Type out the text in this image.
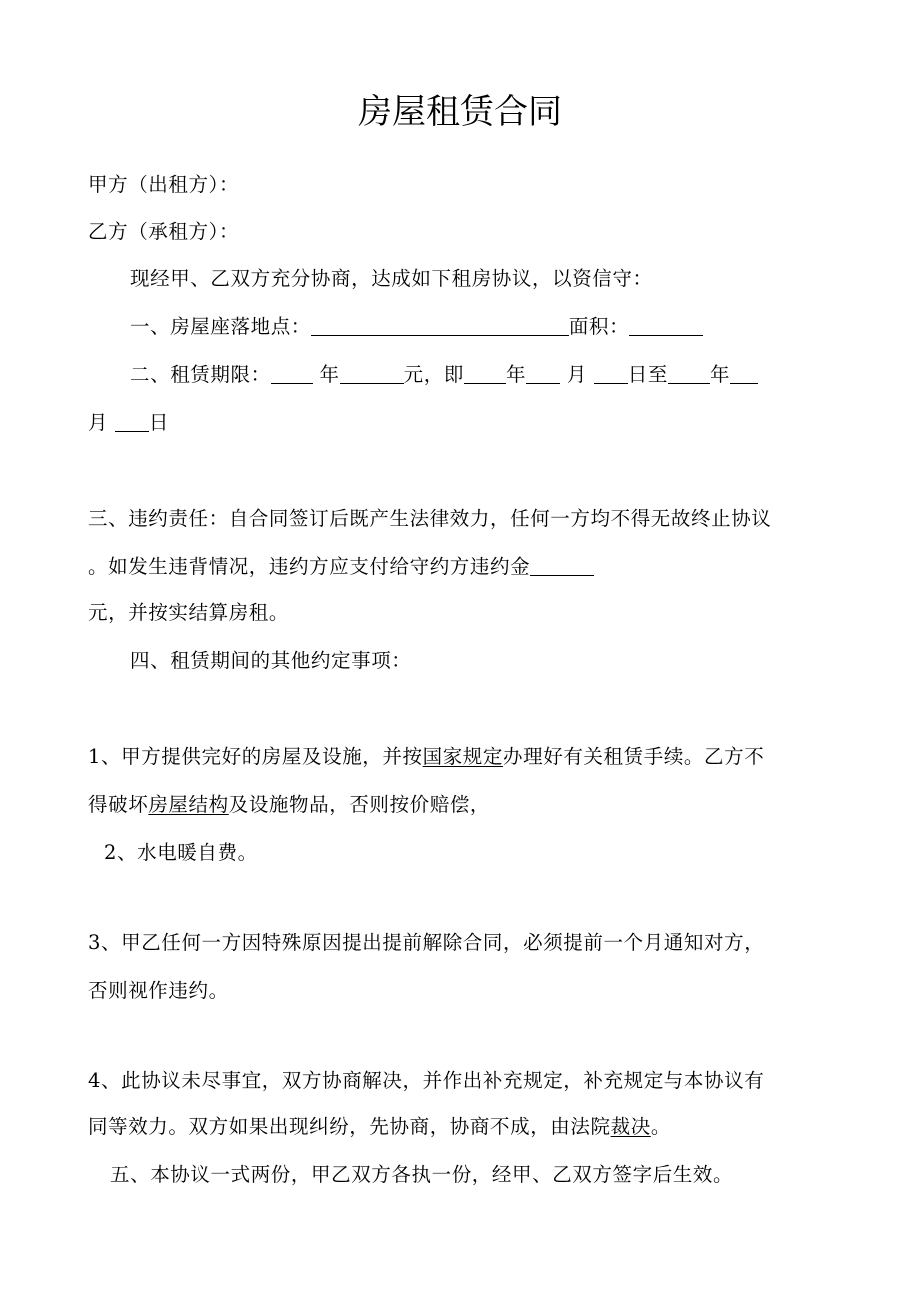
房屋租赁合同
甲方（出租方）：
乙方（承租方）：
现经甲、乙双方充分协商，达成如下租房协议，以资信守：
一、房屋座落地点：	面积：
二、租赁期限：	年	元，即 年 月 日至 年
月 日
三、违约责任：自合同签订后既产生法律效力，任何一方均不得无故终止协议
。如发生违背情况，违约方应支付给守约方违约金
元，并按实结算房租。
四、租赁期间的其他约定事项：
1、甲方提供完好的房屋及设施，并按国家规定办理好有关租赁手续。乙方不
得破坏房屋结构及设施物品，否则按价赔偿，
2、水电暖自费。
3、甲乙任何一方因特殊原因提出提前解除合同，必须提前一个月通知对方，
否则视作违约。
4、此协议未尽事宜，双方协商解决，并作出补充规定，补充规定与本协议有
同等效力。双方如果出现纠纷，先协商，协商不成，由法院裁决。
五、本协议一式两份，甲乙双方各执一份，经甲、乙双方签字后生效。
